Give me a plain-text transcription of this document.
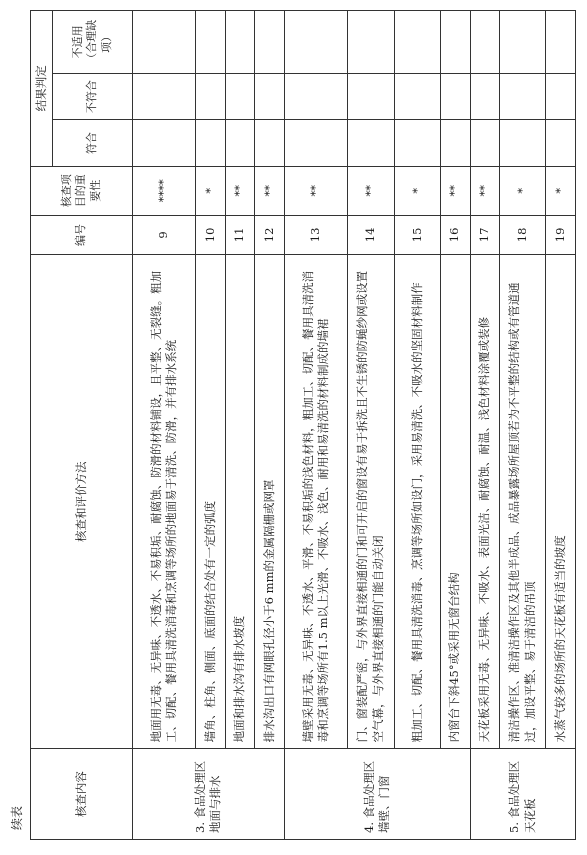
续表
核查内容	核查和评价方法	编号	核查项目的重要性	结果判定		
				符合	不符合	不适用（合理缺项）
3. 食品处理区地面与排水	地面用无毒、无异味、不透水、不易积垢、耐腐蚀、防滑的材料铺设，且平整、无裂缝。粗加工、切配、餐用具清洗消毒和烹调等场所的地面易于清洗、防滑，并有排水系统	9	****			
	墙角、柱角、侧面、底面的结合处有一定的弧度	10	*			
	地面和排水沟有排水坡度	11	**			
	排水沟出口有网眼孔径小于6 mm的金属隔栅或网罩	12	**			
4. 食品处理区墙壁、门窗	墙壁采用无毒、无异味、不透水、平滑、不易积垢的浅色材料，粗加工、切配、餐用具清洗消毒和烹调等场所有1.5 m以上光滑、不吸水、浅色、耐用和易清洗的材料制成的墙裙	13	**			
	门、窗装配严密，与外界直接相通的门和可开启的窗设有易于拆洗且不生锈的防蝇纱网或设置空气幕，与外界直接相通的门能自动关闭	14	**			
	粗加工、切配、餐用具清洗消毒、烹调等场所如设门，采用易清洗、不吸水的坚固材料制作	15	*			
	内窗台下斜45°或采用无窗台结构	16	**			
5. 食品处理区天花板	天花板采用无毒、无异味、不吸水、表面光洁、耐腐蚀、耐温、浅色材料涂覆或装修	17	**			
	清洁操作区、准清洁操作区及其他半成品、成品暴露场所屋顶若为不平整的结构或有管道通过，加设平整、易于清洁的吊顶	18	*			
	水蒸气较多的场所的天花板有适当的坡度	19	*			
